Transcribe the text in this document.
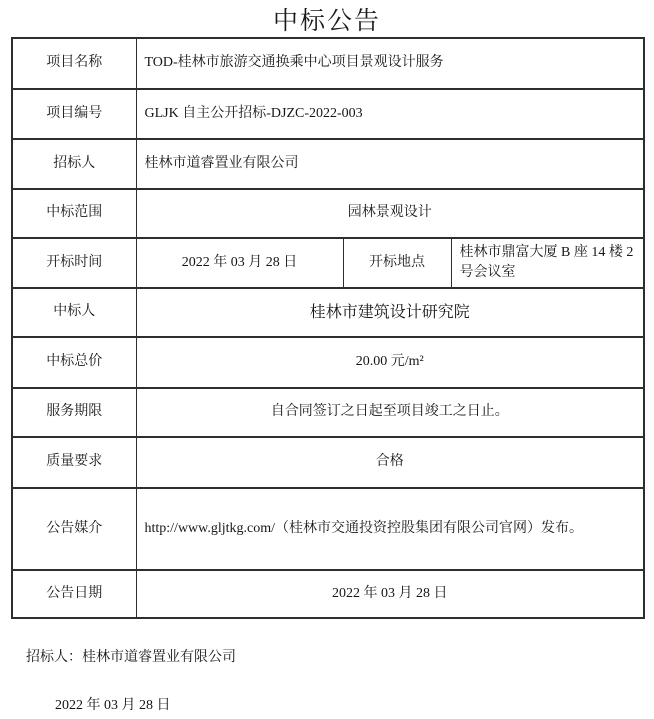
中标公告
项目名称	TOD-桂林市旅游交通换乘中心项目景观设计服务		
项目编号	GLJK 自主公开招标-DJZC-2022-003		
招标人	桂林市道睿置业有限公司		
中标范围	园林景观设计		
开标时间	2022 年 03 月 28 日	开标地点	桂林市鼎富大厦 B 座 14 楼 2 号会议室
中标人	桂林市建筑设计研究院		
中标总价	20.00 元/m²		
服务期限	自合同签订之日起至项目竣工之日止。		
质量要求	合格		
公告媒介	http://www.gljtkg.com/（桂林市交通投资控股集团有限公司官网）发布。		
公告日期	2022 年 03 月 28 日		
招标人：桂林市道睿置业有限公司
2022 年 03 月 28 日
